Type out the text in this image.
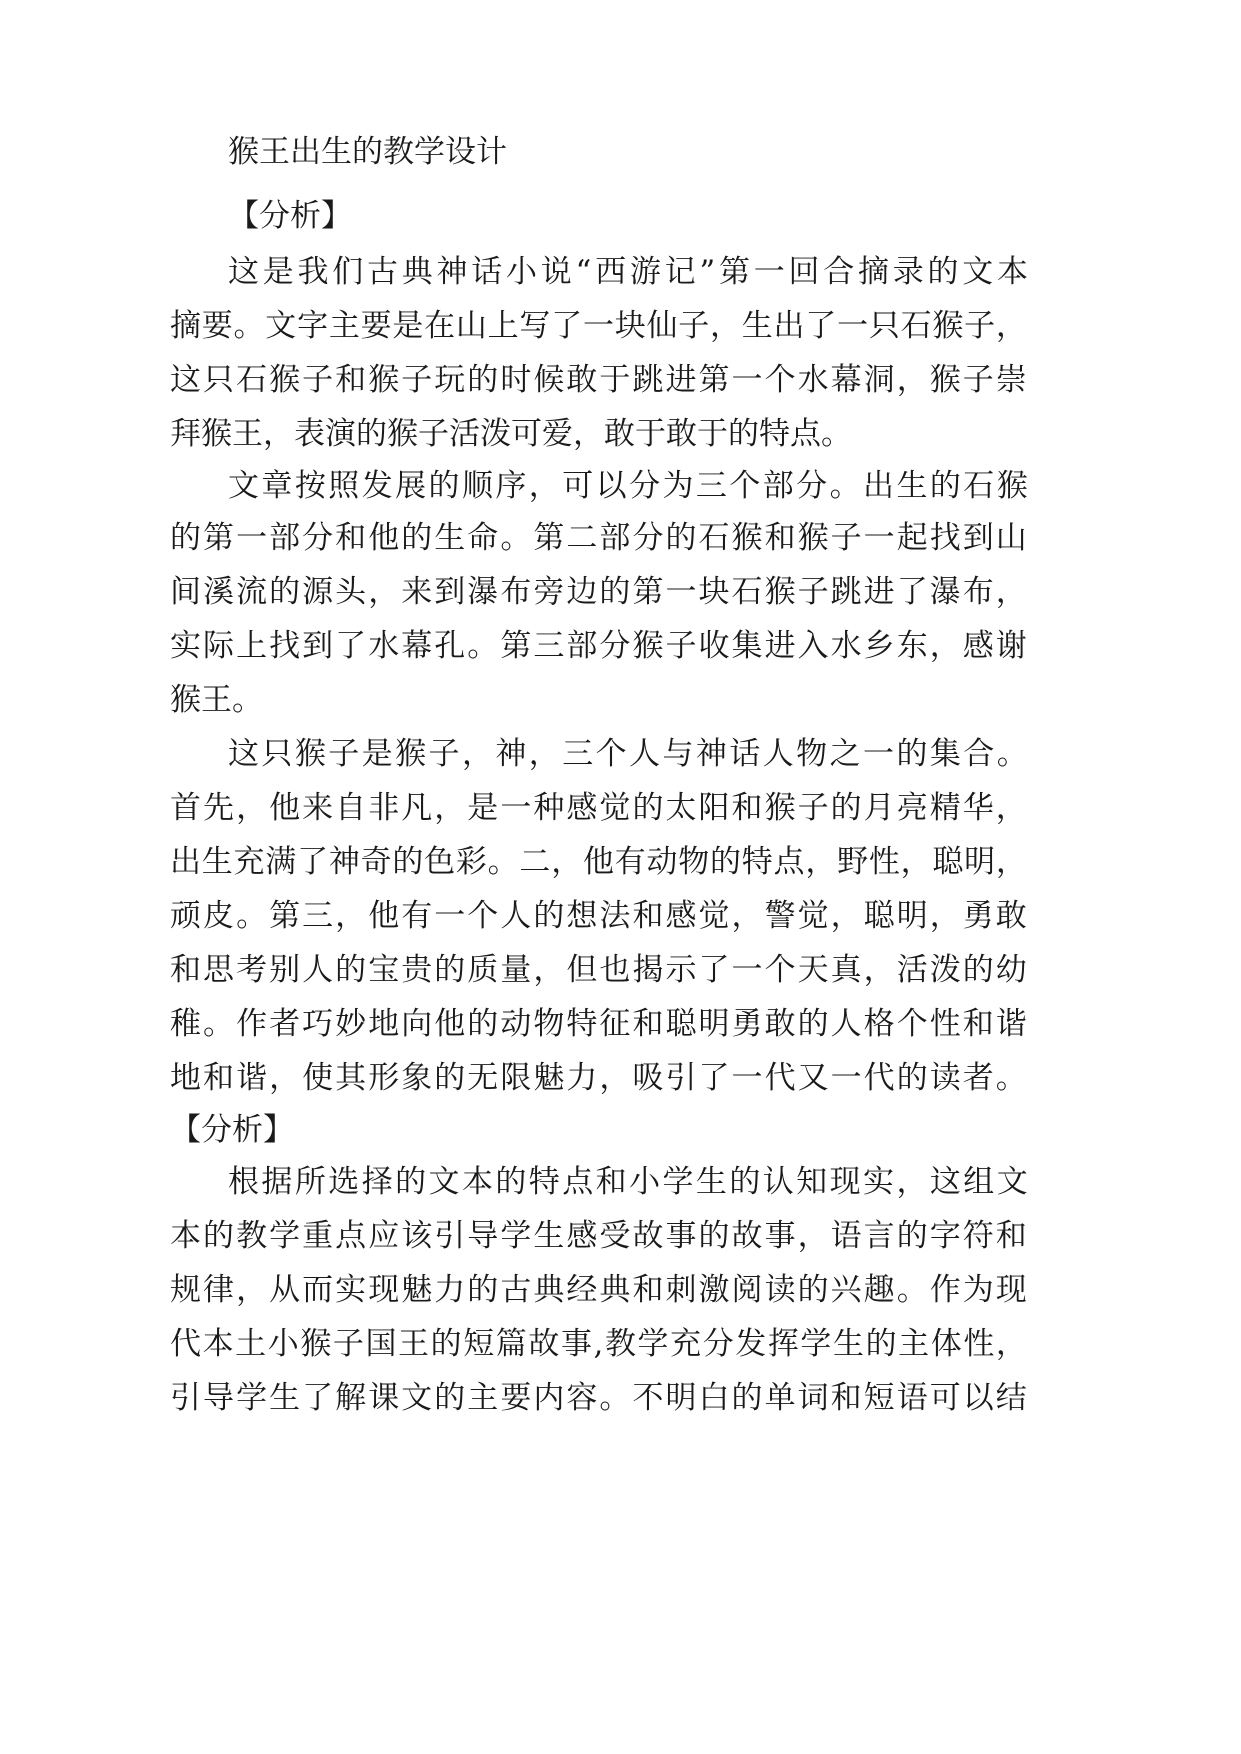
猴王出生的教学设计
【分析】
这 是 我 们 古 典 神 话 小 说 “ 西 游 记 ” 第 一 回 合 摘 录 的 文 本
摘 要 。 文 字 主 要 是 在 山 上 写 了 一 块 仙 子 ， 生 出 了 一 只 石 猴 子 ，
这 只 石 猴 子 和 猴 子 玩 的 时 候 敢 于 跳 进 第 一 个 水 幕 洞 ， 猴 子 崇
拜猴王，表演的猴子活泼可爱，敢于敢于的特点。
文 章 按 照 发 展 的 顺 序 ， 可 以 分 为 三 个 部 分 。 出 生 的 石 猴
的 第 一 部 分 和 他 的 生 命 。 第 二 部 分 的 石 猴 和 猴 子 一 起 找 到 山
间 溪 流 的 源 头 ， 来 到 瀑 布 旁 边 的 第 一 块 石 猴 子 跳 进 了 瀑 布 ，
实 际 上 找 到 了 水 幕 孔 。 第 三 部 分 猴 子 收 集 进 入 水 乡 东 ， 感 谢
猴王。
这 只 猴 子 是 猴 子 ， 神 ， 三 个 人 与 神 话 人 物 之 一 的 集 合 。
首 先 ， 他 来 自 非 凡 ， 是 一 种 感 觉 的 太 阳 和 猴 子 的 月 亮 精 华 ，
出 生 充 满 了 神 奇 的 色 彩 。 二 ， 他 有 动 物 的 特 点 ， 野 性 ， 聪 明 ，
顽 皮 。 第 三 ， 他 有 一 个 人 的 想 法 和 感 觉 ， 警 觉 ， 聪 明 ， 勇 敢
和 思 考 别 人 的 宝 贵 的 质 量 ， 但 也 揭 示 了 一 个 天 真 ， 活 泼 的 幼
稚 。 作 者 巧 妙 地 向 他 的 动 物 特 征 和 聪 明 勇 敢 的 人 格 个 性 和 谐
地 和 谐 ， 使 其 形 象 的 无 限 魅 力 ， 吸 引 了 一 代 又 一 代 的 读 者 。
【分析】
根 据 所 选 择 的 文 本 的 特 点 和 小 学 生 的 认 知 现 实 ， 这 组 文
本 的 教 学 重 点 应 该 引 导 学 生 感 受 故 事 的 故 事 ， 语 言 的 字 符 和
规 律 ， 从 而 实 现 魅 力 的 古 典 经 典 和 刺 激 阅 读 的 兴 趣 。 作 为 现
代 本 土 小 猴 子 国 王 的 短 篇 故 事 , 教 学 充 分 发 挥 学 生 的 主 体 性 ，
引 导 学 生 了 解 课 文 的 主 要 内 容 。 不 明 白 的 单 词 和 短 语 可 以 结
